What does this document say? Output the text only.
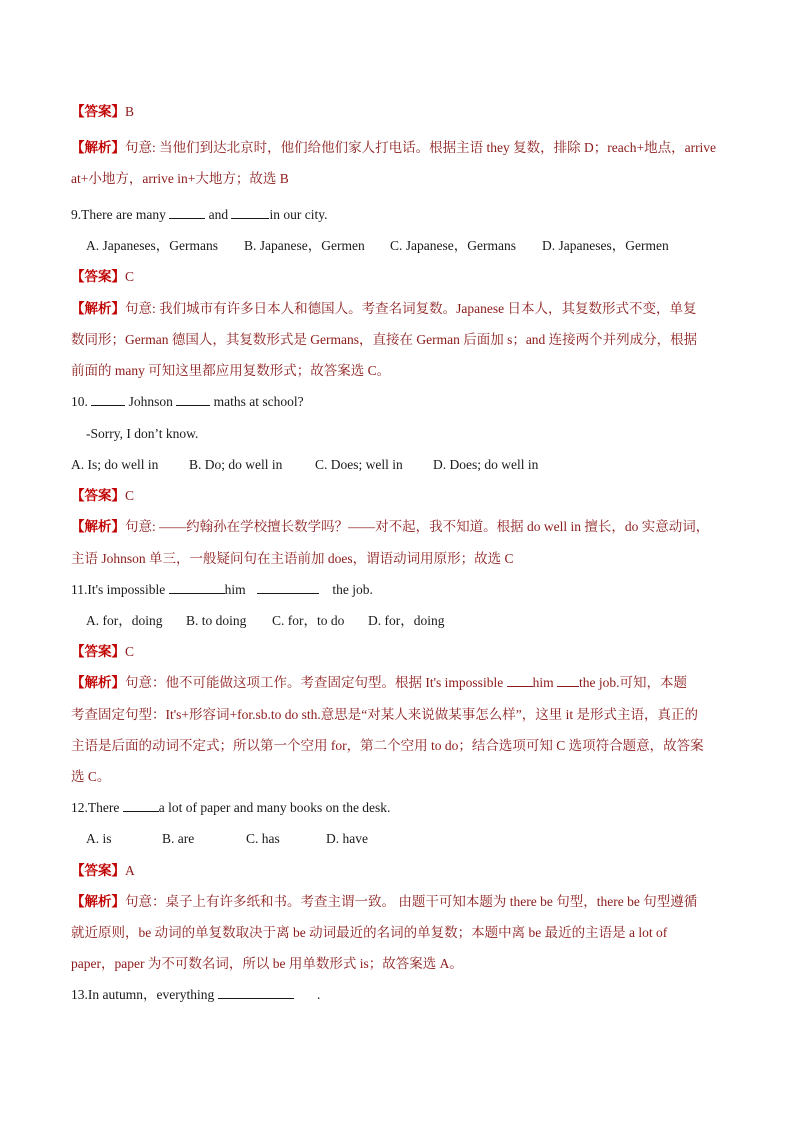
【答案】B
【解析】句意: 当他们到达北京时，他们给他们家人打电话。根据主语 they 复数，排除 D；reach+地点，arrive
at+小地方，arrive in+大地方；故选 B
9.There are many	and	in our city.
A. Japaneses，Germans B. Japanese，Germen C. Japanese，Germans D. Japaneses，Germen
【答案】C
【解析】句意: 我们城市有许多日本人和德国人。考查名词复数。Japanese 日本人，其复数形式不变，单复
数同形；German 德国人，其复数形式是 Germans，直接在 German 后面加 s；and 连接两个并列成分，根据
前面的 many 可知这里都应用复数形式；故答案选 C。
10.	Johnson	maths at school?
-Sorry, I don’t know.
A. Is; do well in B. Do; do well in C. Does; well in D. Does; do well in
【答案】C
【解析】句意: ——约翰孙在学校擅长数学吗？——对不起，我不知道。根据 do well in 擅长，do 实意动词，
主语 Johnson 单三，一般疑问句在主语前加 does，谓语动词用原形；故选 C
11.It's impossible	him	the job.
A. for，doing B. to doing C. for，to do D. for，doing
【答案】C
【解析】句意：他不可能做这项工作。考查固定句型。根据 It's impossible him the job.可知，本题
考查固定句型：It's+形容词+for.sb.to do sth.意思是“对某人来说做某事怎么样”，这里 it 是形式主语，真正的
主语是后面的动词不定式；所以第一个空用 for，第二个空用 to do；结合选项可知 C 选项符合题意，故答案
选 C。
12.There	a lot of paper and many books on the desk.
A. is	B. are	C. has	D. have
【答案】A
【解析】句意：桌子上有许多纸和书。考查主谓一致。 由题干可知本题为 there be 句型，there be 句型遵循
就近原则，be 动词的单复数取决于离 be 动词最近的名词的单复数；本题中离 be 最近的主语是 a lot of
paper，paper 为不可数名词，所以 be 用单数形式 is；故答案选 A。
13.In autumn，everything	.
